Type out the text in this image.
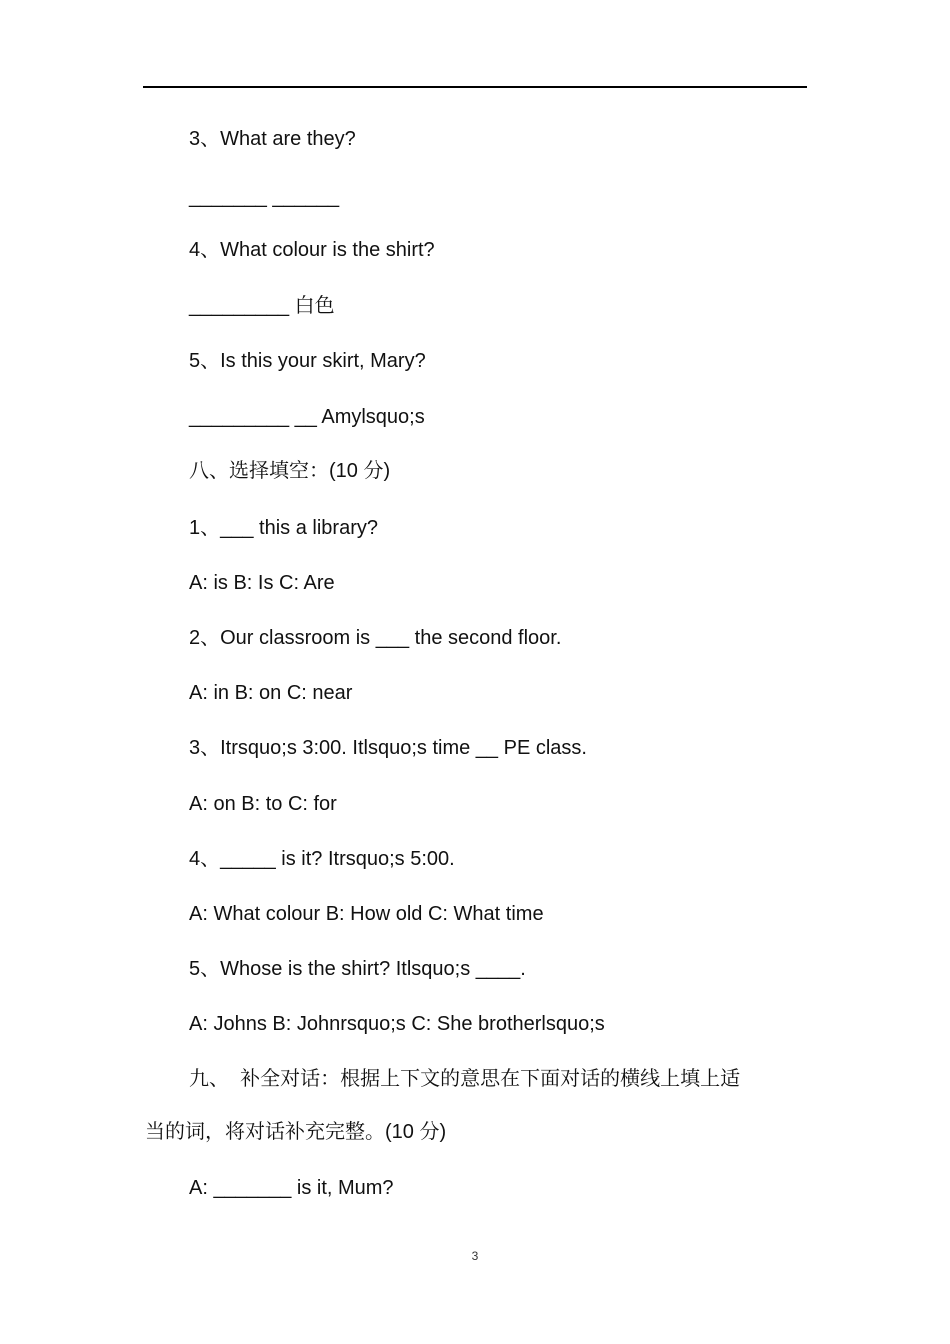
3、What are they?
_______ ______
4、What colour is the shirt?
_________ 白色
5、Is this your skirt, Mary?
_________ __ Amylsquo;s
八、选择填空：(10 分)
1、___ this a library?
A: is B: Is C: Are
2、Our classroom is ___ the second floor.
A: in B: on C: near
3、Itrsquo;s 3:00. Itlsquo;s time __ PE class.
A: on B: to C: for
4、_____ is it? Itrsquo;s 5:00.
A: What colour B: How old C: What time
5、Whose is the shirt? Itlsquo;s ____.
A: Johns B: Johnrsquo;s C: She brotherlsquo;s
九、  补全对话：根据上下文的意思在下面对话的横线上填上适
当的词，将对话补充完整。(10 分)
A: _______ is it, Mum?
3
